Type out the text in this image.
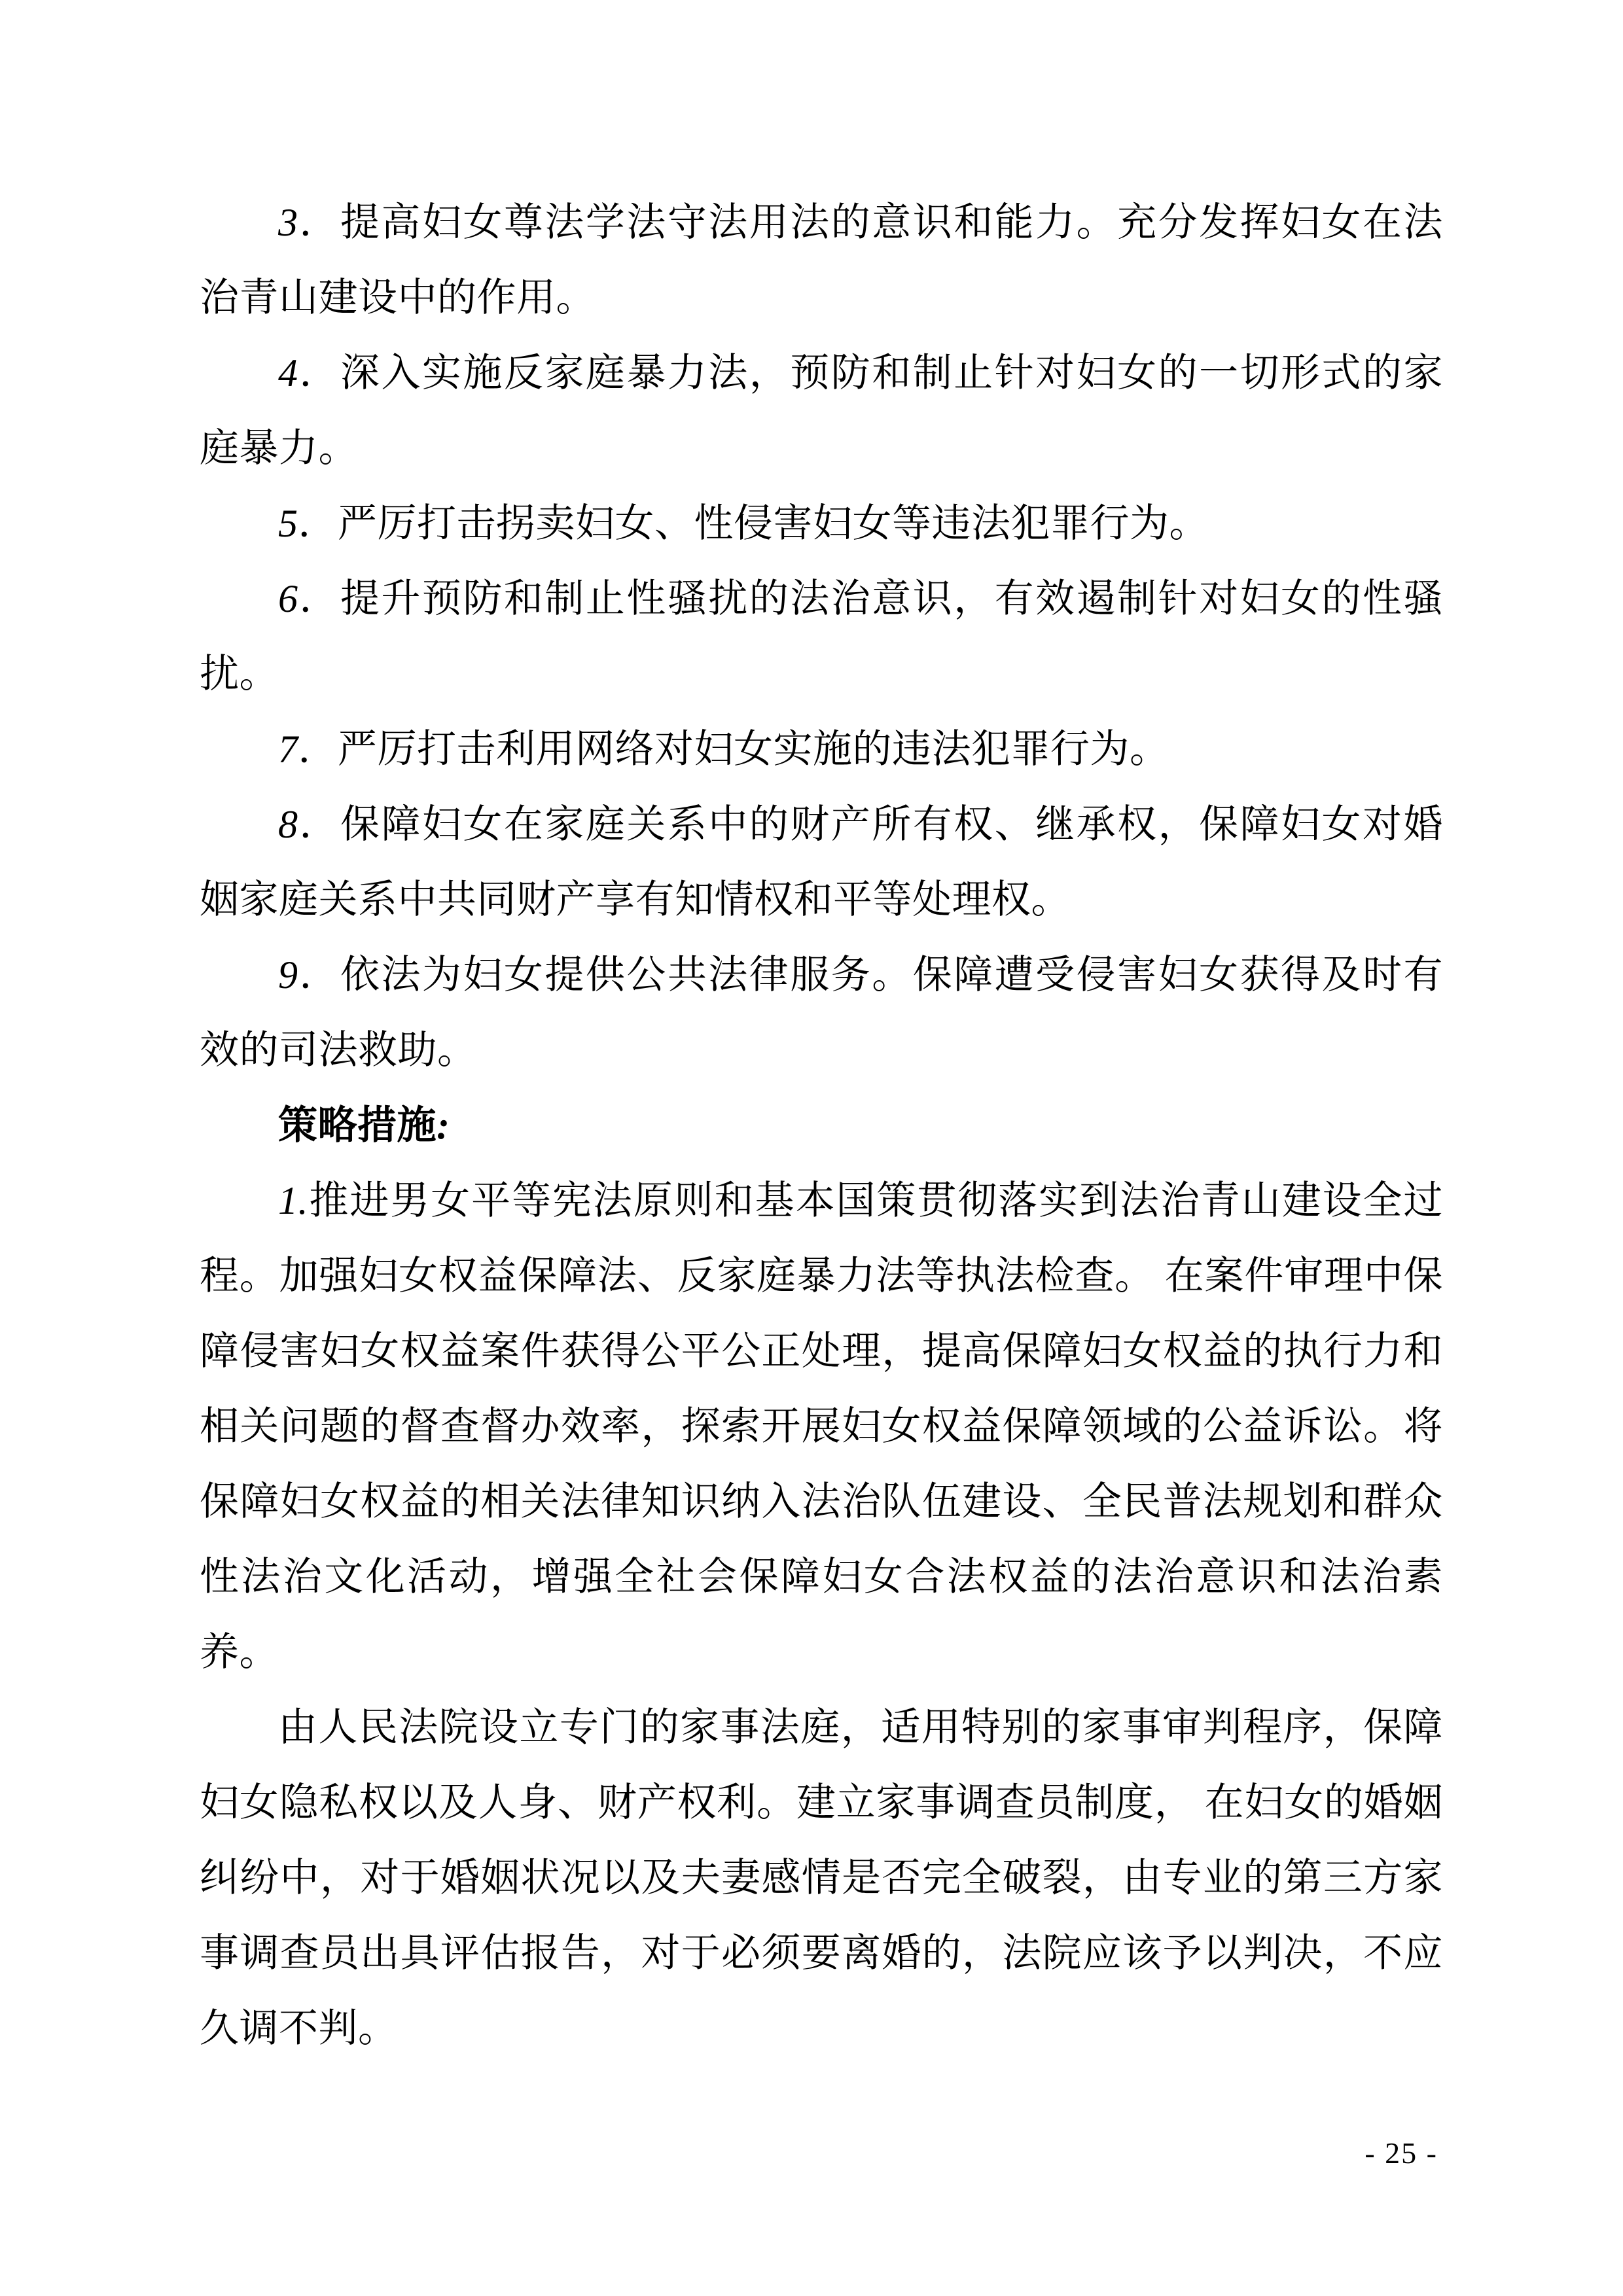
3．提高妇女尊法学法守法用法的意识和能力。充分发挥妇女在法治青山建设中的作用。

4．深入实施反家庭暴力法，预防和制止针对妇女的一切形式的家庭暴力。

5．严厉打击拐卖妇女、性侵害妇女等违法犯罪行为。

6．提升预防和制止性骚扰的法治意识，有效遏制针对妇女的性骚扰。

7．严厉打击利用网络对妇女实施的违法犯罪行为。

8．保障妇女在家庭关系中的财产所有权、继承权，保障妇女对婚姻家庭关系中共同财产享有知情权和平等处理权。

9．依法为妇女提供公共法律服务。保障遭受侵害妇女获得及时有效的司法救助。

策略措施:

1.推进男女平等宪法原则和基本国策贯彻落实到法治青山建设全过程。加强妇女权益保障法、反家庭暴力法等执法检查。 在案件审理中保障侵害妇女权益案件获得公平公正处理，提高保障妇女权益的执行力和相关问题的督查督办效率，探索开展妇女权益保障领域的公益诉讼。将保障妇女权益的相关法律知识纳入法治队伍建设、全民普法规划和群众性法治文化活动，增强全社会保障妇女合法权益的法治意识和法治素养。

由人民法院设立专门的家事法庭，适用特别的家事审判程序，保障妇女隐私权以及人身、财产权利。建立家事调查员制度， 在妇女的婚姻纠纷中，对于婚姻状况以及夫妻感情是否完全破裂，由专业的第三方家事调查员出具评估报告，对于必须要离婚的，法院应该予以判决，不应久调不判。

- 25 -
